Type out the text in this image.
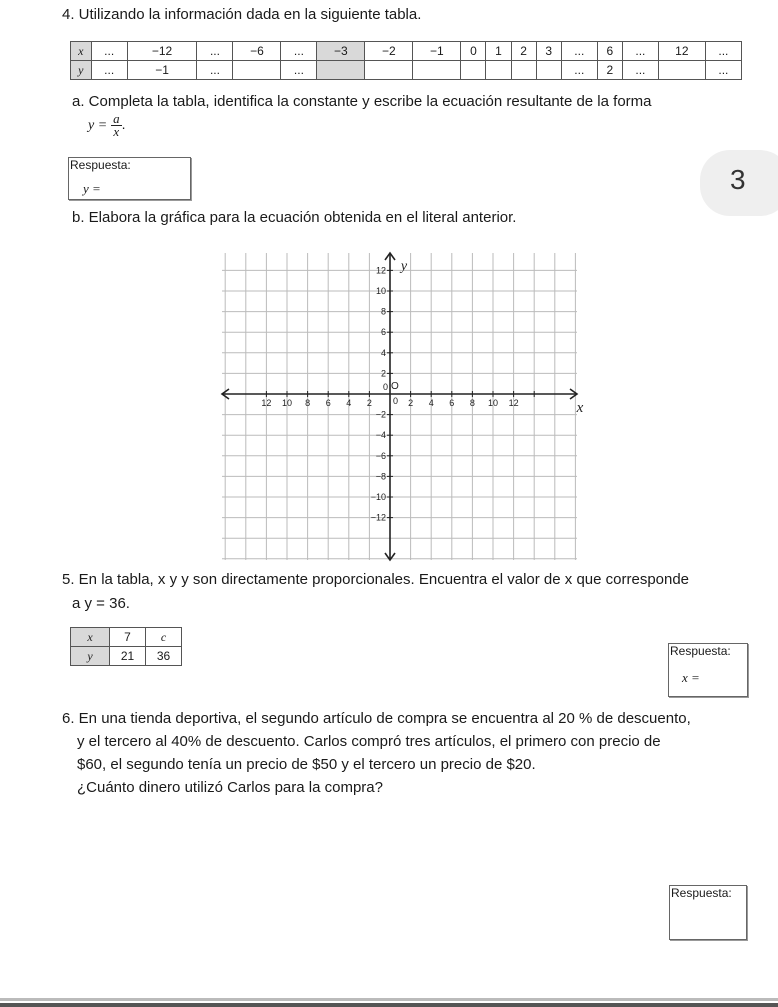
4. Utilizando la información dada en la siguiente tabla.
x	...	−12	...	−6	...	−3	−2	−1	0	1	2	3	...	6	...	12	...
y	...	−1	...		...								...	2	...		...
a. Completa la tabla, identifica la constante y escribe la ecuación resultante de la forma
$y = \frac{a}{x}$.
Respuesta:
y =	3
b. Elabora la gráfica para la ecuación obtenida en el literal anterior.
12 10 8 6 4 2	2 4 6 8 10 12
12
10
8
6
4
2
−2
−4
−6
−8
−10
−12
0 O
0	x
y
5. En la tabla, x y y son directamente proporcionales. Encuentra el valor de x que corresponde
a y = 36.
x	7	c
y	21	36	Respuesta:
x =
6. En una tienda deportiva, el segundo artículo de compra se encuentra al 20 % de descuento,
y el tercero al 40% de descuento. Carlos compró tres artículos, el primero con precio de
$60, el segundo tenía un precio de $50 y el tercero un precio de $20.
¿Cuánto dinero utilizó Carlos para la compra?
Respuesta:
